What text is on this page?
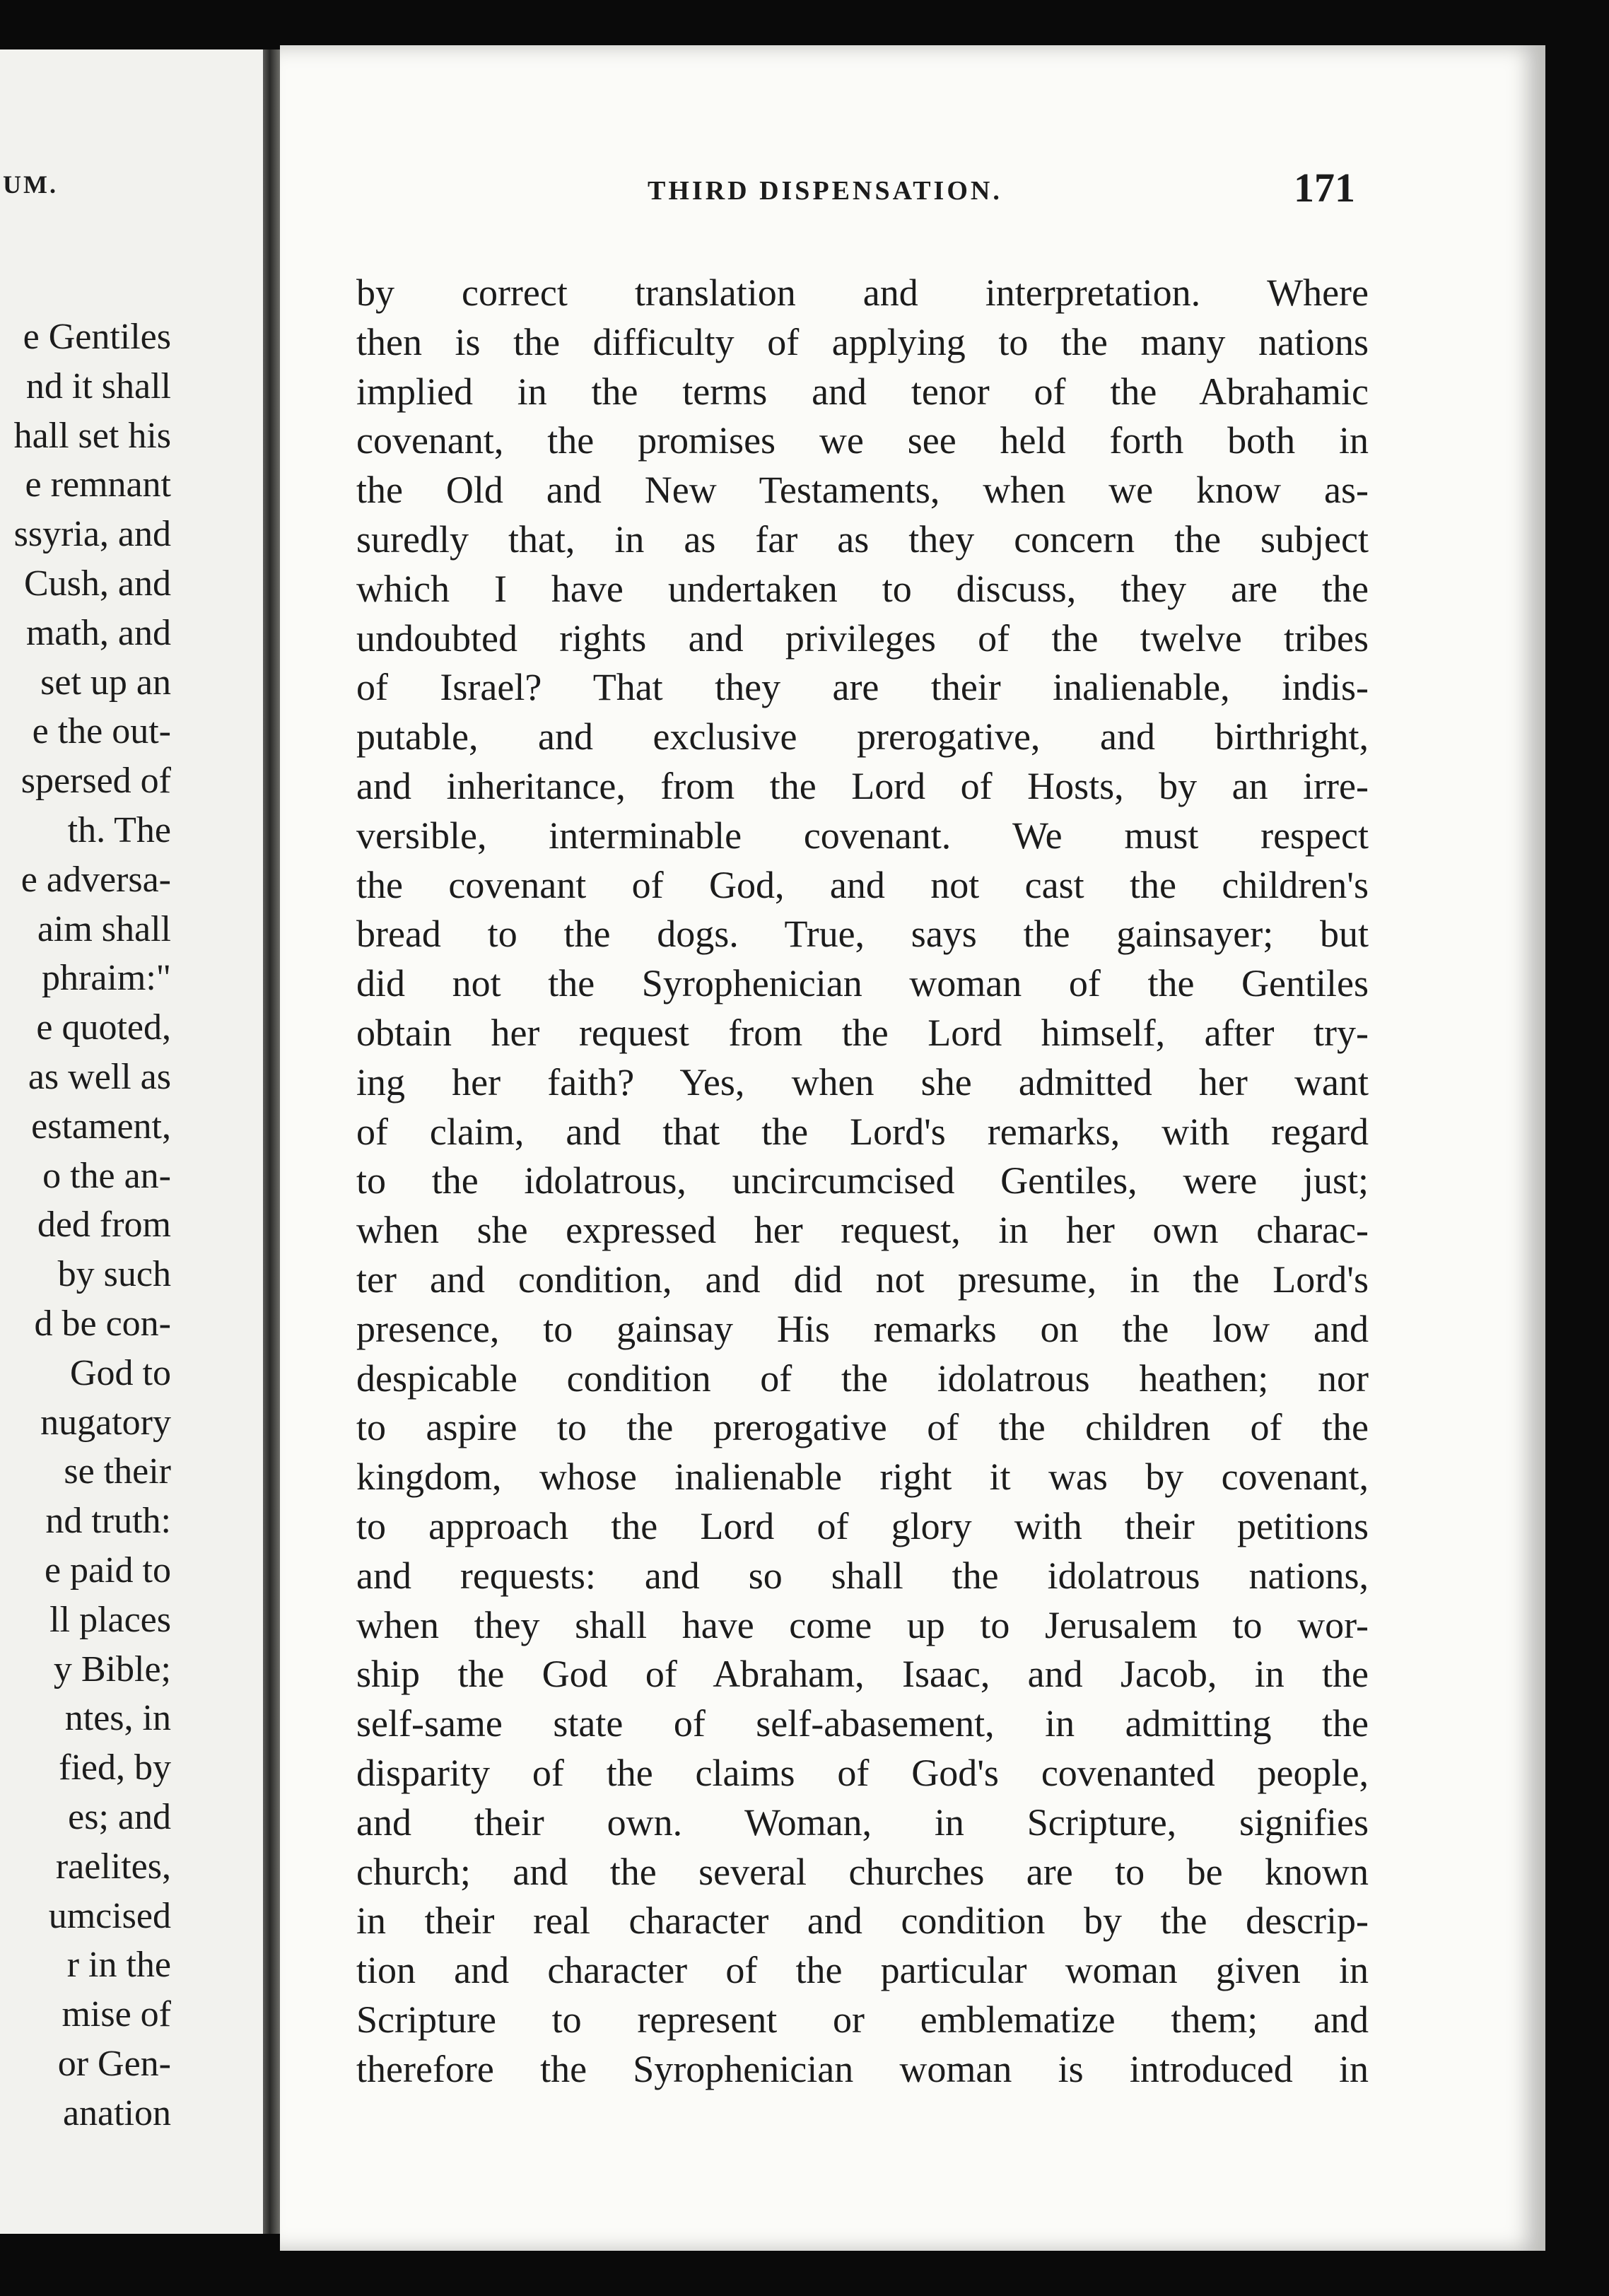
UM.
e Gentiles
nd it shall
hall set his
e remnant
ssyria, and
Cush, and
math, and
set up an
e the out-
spersed of
th. The
e adversa-
aim shall
phraim:"
e quoted,
as well as
estament,
o the an-
ded from
by such
d be con-
God to
nugatory
se their
nd truth:
e paid to
ll places
y Bible;
ntes, in
fied, by
es; and
raelites,
umcised
r in the
mise of
or Gen-
anation
THIRD DISPENSATION.	171
by correct translation and interpretation. Where
then is the difficulty of applying to the many nations
implied in the terms and tenor of the Abrahamic
covenant, the promises we see held forth both in
the Old and New Testaments, when we know as-
suredly that, in as far as they concern the subject
which I have undertaken to discuss, they are the
undoubted rights and privileges of the twelve tribes
of Israel? That they are their inalienable, indis-
putable, and exclusive prerogative, and birthright,
and inheritance, from the Lord of Hosts, by an irre-
versible, interminable covenant. We must respect
the covenant of God, and not cast the children's
bread to the dogs. True, says the gainsayer; but
did not the Syrophenician woman of the Gentiles
obtain her request from the Lord himself, after try-
ing her faith? Yes, when she admitted her want
of claim, and that the Lord's remarks, with regard
to the idolatrous, uncircumcised Gentiles, were just;
when she expressed her request, in her own charac-
ter and condition, and did not presume, in the Lord's
presence, to gainsay His remarks on the low and
despicable condition of the idolatrous heathen; nor
to aspire to the prerogative of the children of the
kingdom, whose inalienable right it was by covenant,
to approach the Lord of glory with their petitions
and requests: and so shall the idolatrous nations,
when they shall have come up to Jerusalem to wor-
ship the God of Abraham, Isaac, and Jacob, in the
self-same state of self-abasement, in admitting the
disparity of the claims of God's covenanted people,
and their own. Woman, in Scripture, signifies
church; and the several churches are to be known
in their real character and condition by the descrip-
tion and character of the particular woman given in
Scripture to represent or emblematize them; and
therefore the Syrophenician woman is introduced in
